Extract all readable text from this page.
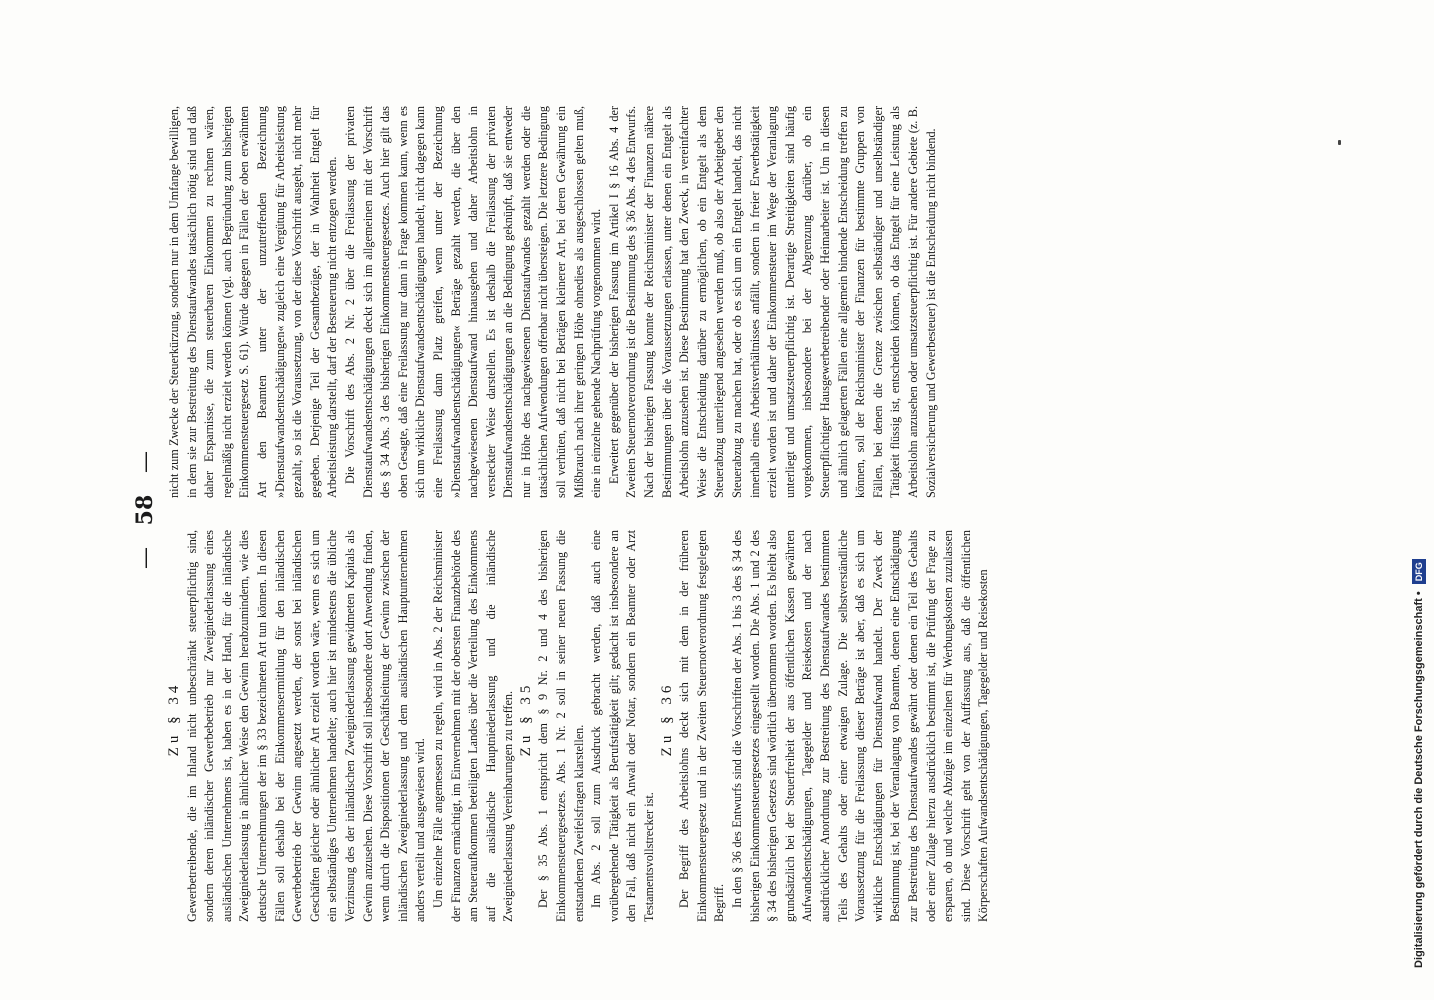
— 58 —

Zu § 34 Gewerbetreibende, die im Inland nicht unbeschränkt steuerpflichtig sind, sondern deren inländischer Gewerbebetrieb nur Zweigniederlassung eines ausländischen Unternehmens ist, haben es in der Hand, für die inländische Zweigniederlassung in ähnlicher Weise den Gewinn herabzumindern, wie dies deutsche Unternehmungen der im § 33 bezeichneten Art tun können. In diesen Fällen soll deshalb bei der Einkommensermittlung für den inländischen Gewerbebetrieb der Gewinn angesetzt werden, der sonst bei inländischen Geschäften gleicher oder ähnlicher Art erzielt worden wäre, wenn es sich um ein selbständiges Unternehmen handelte; auch hier ist mindestens die übliche Verzinsung des der inländischen Zweigniederlassung gewidmeten Kapitals als Gewinn anzusehen. Diese Vorschrift soll insbesondere dort Anwendung finden, wenn durch die Dispositionen der Geschäftsleitung der Gewinn zwischen der inländischen Zweigniederlassung und dem ausländischen Hauptunternehmen anders verteilt und ausgewiesen wird. Um einzelne Fälle angemessen zu regeln, wird in Abs. 2 der Reichsminister der Finanzen ermächtigt, im Einvernehmen mit der obersten Finanzbehörde des am Steueraufkommen beteiligten Landes über die Verteilung des Einkommens auf die ausländische Hauptniederlassung und die inländische Zweigniederlassung Vereinbarungen zu treffen. Zu § 35 Der § 35 Abs. 1 entspricht dem § 9 Nr. 2 und 4 des bisherigen Einkommensteuergesetzes. Abs. 1 Nr. 2 soll in seiner neuen Fassung die entstandenen Zweifelsfragen klarstellen. Im Abs. 2 soll zum Ausdruck gebracht werden, daß auch eine vorübergehende Tätigkeit als Berufstätigkeit gilt; gedacht ist insbesondere an den Fall, daß nicht ein Anwalt oder Notar, sondern ein Beamter oder Arzt Testamentsvollstrecker ist.

Zu § 36 Der Begriff des Arbeitslohns deckt sich mit dem in der früheren Einkommensteuergesetz und in der Zweiten Steuernotverordnung festgelegten Begriff. In den § 36 des Entwurfs sind die Vorschriften der Abs. 1 bis 3 des § 34 des bisherigen Einkommensteuergesetzes eingestellt worden. Die Abs. 1 und 2 des § 34 des bisherigen Gesetzes sind wörtlich übernommen worden. Es bleibt also grundsätzlich bei der Steuerfreiheit der aus öffentlichen Kassen gewährten Aufwandsentschädigungen, Tagegelder und Reisekosten und der nach ausdrücklicher Anordnung zur Bestreitung des Dienstaufwandes bestimmten Teils des Gehalts oder einer etwaigen Zulage. Die selbstverständliche Voraussetzung für die Freilassung dieser Beträge ist aber, daß es sich um wirkliche Entschädigungen für Dienstaufwand handelt. Der Zweck der Bestimmung ist, bei der Veranlagung von Beamten, denen eine Entschädigung zur Bestreitung des Dienstaufwandes gewährt oder denen ein Teil des Gehalts oder einer Zulage hierzu ausdrücklich bestimmt ist, die Prüfung der Frage zu ersparen, ob und welche Abzüge im einzelnen für Werbungskosten zuzulassen sind. Diese Vorschrift geht von der Auffassung aus, daß die öffentlichen Körperschaften Aufwandsentschädigungen, Tagegelder und Reisekosten

nicht zum Zwecke der Steuerkürzung, sondern nur in dem Umfange bewilligen, in dem sie zur Bestreitung des Dienstaufwandes tatsächlich nötig sind und daß daher Ersparnisse, die zum steuerbaren Einkommen zu rechnen wären, regelmäßig nicht erzielt werden können (vgl. auch Begründung zum bisherigen Einkommensteuergesetz S. 61). Würde dagegen in Fällen der oben erwähnten Art den Beamten unter der unzutreffenden Bezeichnung »Dienstaufwandsentschädigungen« zugleich eine Vergütung für Arbeitsleistung gezahlt, so ist die Voraussetzung, von der diese Vorschrift ausgeht, nicht mehr gegeben. Derjenige Teil der Gesamtbezüge, der in Wahrheit Entgelt für Arbeitsleistung darstellt, darf der Besteuerung nicht entzogen werden. Die Vorschrift des Abs. 2 Nr. 2 über die Freilassung der privaten Dienstaufwandsentschädigungen deckt sich im allgemeinen mit der Vorschrift des § 34 Abs. 3 des bisherigen Einkommensteuergesetzes. Auch hier gilt das oben Gesagte, daß eine Freilassung nur dann in Frage kommen kann, wenn es sich um wirkliche Dienstaufwandsentschädigungen handelt, nicht dagegen kann eine Freilassung dann Platz greifen, wenn unter der Bezeichnung »Dienstaufwandsentschädigungen« Beträge gezahlt werden, die über den nachgewiesenen Dienstaufwand hinausgehen und daher Arbeitslohn in versteckter Weise darstellen. Es ist deshalb die Freilassung der privaten Dienstaufwandsentschädigungen an die Bedingung geknüpft, daß sie entweder nur in Höhe des nachgewiesenen Dienstaufwandes gezahlt werden oder die tatsächlichen Aufwendungen offenbar nicht übersteigen. Die letztere Bedingung soll verhüten, daß nicht bei Beträgen kleinerer Art, bei deren Gewährung ein Mißbrauch nach ihrer geringen Höhe ohnedies als ausgeschlossen gelten muß, eine in einzelne gehende Nachprüfung vorgenommen wird. Erweitert gegenüber der bisherigen Fassung im Artikel I § 16 Abs. 4 der Zweiten Steuernotverordnung ist die Bestimmung des § 36 Abs. 4 des Entwurfs. Nach der bisherigen Fassung konnte der Reichsminister der Finanzen nähere Bestimmungen über die Voraussetzungen erlassen, unter denen ein Entgelt als Arbeitslohn anzusehen ist. Diese Bestimmung hat den Zweck, in vereinfachter Weise die Entscheidung darüber zu ermöglichen, ob ein Entgelt als dem Steuerabzug unterliegend angesehen werden muß, ob also der Arbeitgeber den Steuerabzug zu machen hat, oder ob es sich um ein Entgelt handelt, das nicht innerhalb eines Arbeitsverhältnisses anfällt, sondern in freier Erwerbstätigkeit erzielt worden ist und daher der Einkommensteuer im Wege der Veranlagung unterliegt und umsatzsteuerpflichtig ist. Derartige Streitigkeiten sind häufig vorgekommen, insbesondere bei der Abgrenzung darüber, ob ein Steuerpflichtiger Hausgewerbetreibender oder Heimarbeiter ist. Um in diesen und ähnlich gelagerten Fällen eine allgemein bindende Entscheidung treffen zu können, soll der Reichsminister der Finanzen für bestimmte Gruppen von Fällen, bei denen die Grenze zwischen selbständiger und unselbständiger Tätigkeit flüssig ist, entscheiden können, ob das Entgelt für eine Leistung als Arbeitslohn anzusehen oder umsatzsteuerpflichtig ist. Für andere Gebiete (z. B. Sozialversicherung und Gewerbesteuer) ist die Entscheidung nicht bindend.

Digitalisierung gefördert durch die Deutsche Forschungsgemeinschaft • DFG
